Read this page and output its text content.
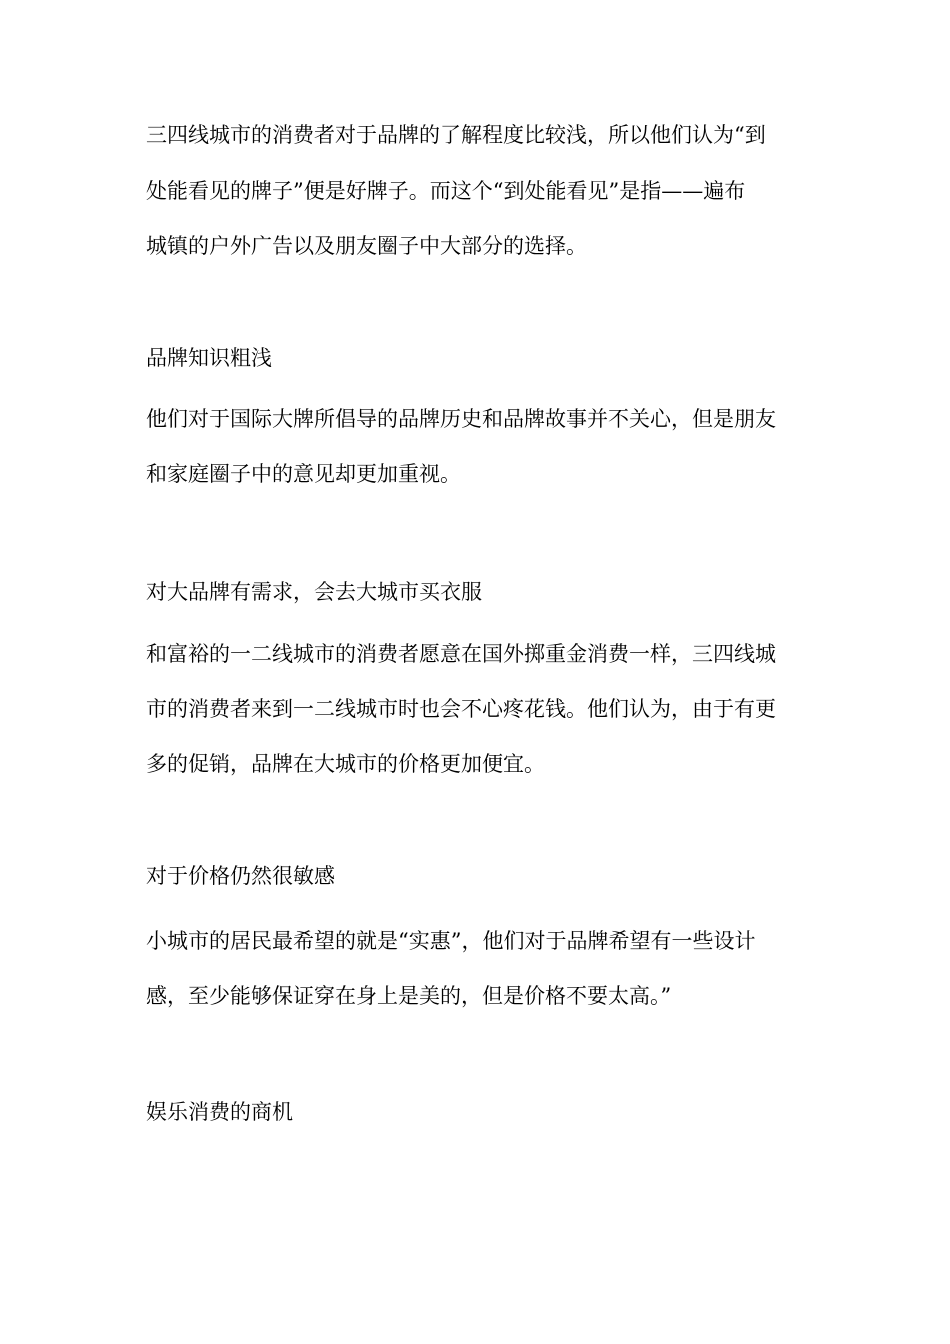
三四线城市的消费者对于品牌的了解程度比较浅，所以他们认为“到
处能看见的牌子”便是好牌子。而这个“到处能看见”是指——遍布
城镇的户外广告以及朋友圈子中大部分的选择。
品牌知识粗浅
他们对于国际大牌所倡导的品牌历史和品牌故事并不关心，但是朋友
和家庭圈子中的意见却更加重视。
对大品牌有需求，会去大城市买衣服
和富裕的一二线城市的消费者愿意在国外掷重金消费一样，三四线城
市的消费者来到一二线城市时也会不心疼花钱。他们认为，由于有更
多的促销，品牌在大城市的价格更加便宜。
对于价格仍然很敏感
小城市的居民最希望的就是“实惠”，他们对于品牌希望有一些设计
感，至少能够保证穿在身上是美的，但是价格不要太高。”
娱乐消费的商机
